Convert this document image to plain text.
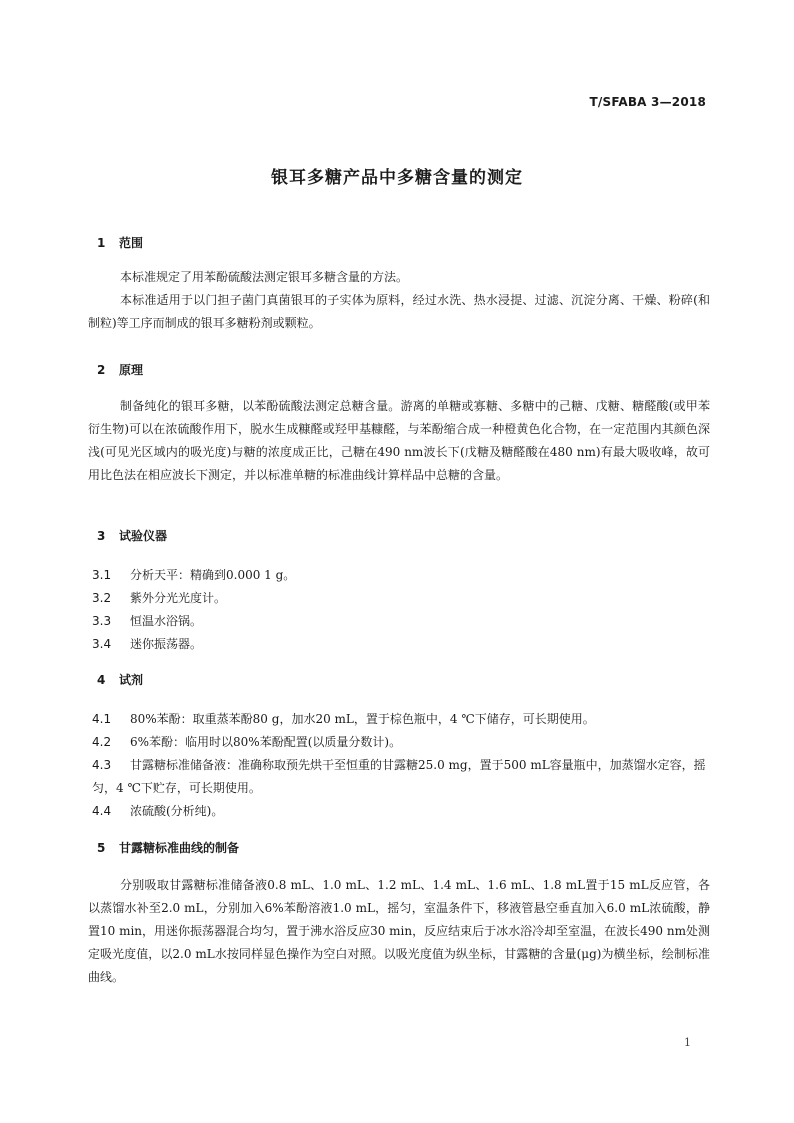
T/SFABA 3—2018
银耳多糖产品中多糖含量的测定
1 范围
本标准规定了用苯酚硫酸法测定银耳多糖含量的方法。
本标准适用于以门担子菌门真菌银耳的子实体为原料，经过水洗、热水浸提、过滤、沉淀分离、干燥、粉碎(和制粒)等工序而制成的银耳多糖粉剂或颗粒。
2 原理
制备纯化的银耳多糖，以苯酚硫酸法测定总糖含量。游离的单糖或寡糖、多糖中的己糖、戊糖、糖醛酸(或甲苯衍生物)可以在浓硫酸作用下，脱水生成糠醛或羟甲基糠醛，与苯酚缩合成一种橙黄色化合物，在一定范围内其颜色深浅(可见光区域内的吸光度)与糖的浓度成正比，己糖在490 nm波长下(戊糖及糖醛酸在480 nm)有最大吸收峰，故可用比色法在相应波长下测定，并以标准单糖的标准曲线计算样品中总糖的含量。
3 试验仪器
3.1 分析天平：精确到0.000 1 g。
3.2 紫外分光光度计。
3.3 恒温水浴锅。
3.4 迷你振荡器。
4 试剂
4.1 80%苯酚：取重蒸苯酚80 g，加水20 mL，置于棕色瓶中，4 ℃下储存，可长期使用。
4.2 6%苯酚：临用时以80%苯酚配置(以质量分数计)。
4.3 甘露糖标准储备液：准确称取预先烘干至恒重的甘露糖25.0 mg，置于500 mL容量瓶中，加蒸馏水定容，摇匀，4 ℃下贮存，可长期使用。
4.4 浓硫酸(分析纯)。
5 甘露糖标准曲线的制备
分别吸取甘露糖标准储备液0.8 mL、1.0 mL、1.2 mL、1.4 mL、1.6 mL、1.8 mL置于15 mL反应管，各以蒸馏水补至2.0 mL，分别加入6%苯酚溶液1.0 mL，摇匀，室温条件下，移液管悬空垂直加入6.0 mL浓硫酸，静置10 min，用迷你振荡器混合均匀，置于沸水浴反应30 min，反应结束后于冰水浴冷却至室温，在波长490 nm处测定吸光度值，以2.0 mL水按同样显色操作为空白对照。以吸光度值为纵坐标，甘露糖的含量(μg)为横坐标，绘制标准曲线。
1
